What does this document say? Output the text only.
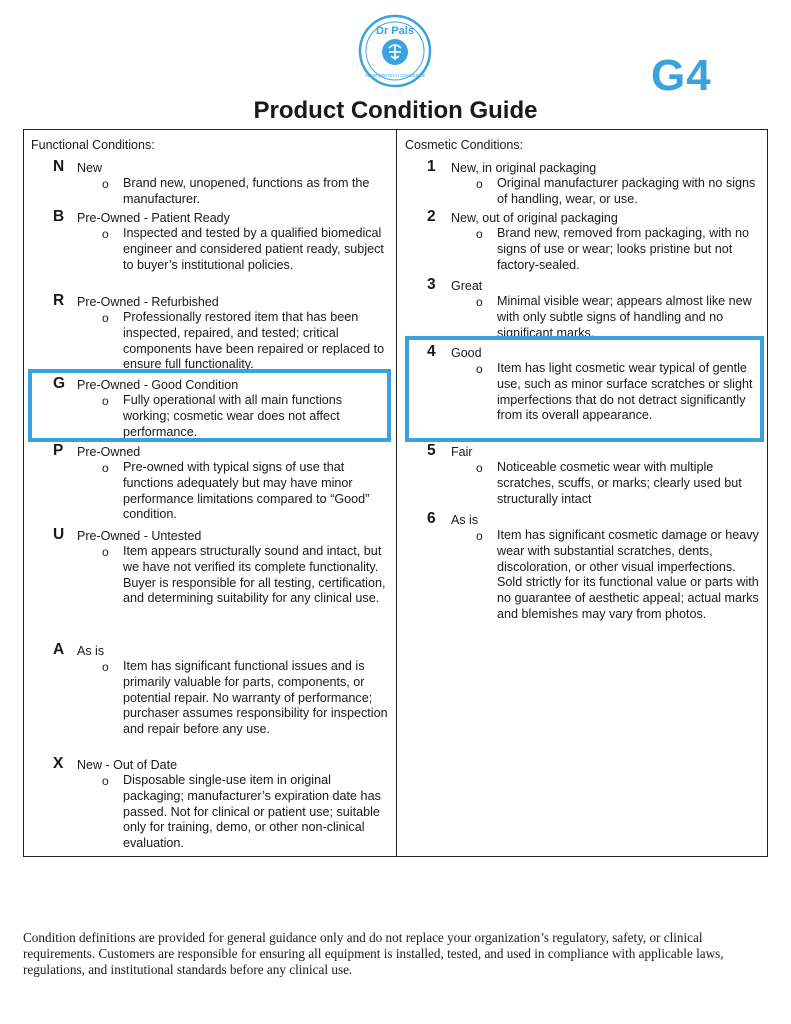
Dr Pals
YOUR MEDTECH CONCIERGE	G4
Product Condition Guide
Functional Conditions:
N New
o Brand new, unopened, functions as from the manufacturer.
B Pre-Owned - Patient Ready
o Inspected and tested by a qualified biomedical engineer and considered patient ready, subject to buyer’s institutional policies.
R Pre-Owned - Refurbished
o Professionally restored item that has been inspected, repaired, and tested; critical components have been repaired or replaced to ensure full functionality.
G Pre-Owned - Good Condition
o Fully operational with all main functions working; cosmetic wear does not affect performance.
P Pre-Owned
o Pre-owned with typical signs of use that functions adequately but may have minor performance limitations compared to “Good” condition.
U Pre-Owned - Untested
o Item appears structurally sound and intact, but we have not verified its complete functionality. Buyer is responsible for all testing, certification, and determining suitability for any clinical use.
A As is
o Item has significant functional issues and is primarily valuable for parts, components, or potential repair. No warranty of performance; purchaser assumes responsibility for inspection and repair before any use.
X New - Out of Date
o Disposable single-use item in original packaging; manufacturer’s expiration date has passed. Not for clinical or patient use; suitable only for training, demo, or other non-clinical evaluation.
Cosmetic Conditions:
1 New, in original packaging
o Original manufacturer packaging with no signs of handling, wear, or use.
2 New, out of original packaging
o Brand new, removed from packaging, with no signs of use or wear; looks pristine but not factory-sealed.
3 Great
o Minimal visible wear; appears almost like new with only subtle signs of handling and no significant marks.
4 Good
o Item has light cosmetic wear typical of gentle use, such as minor surface scratches or slight imperfections that do not detract significantly from its overall appearance.
5 Fair
o Noticeable cosmetic wear with multiple scratches, scuffs, or marks; clearly used but structurally intact
6 As is
o Item has significant cosmetic damage or heavy wear with substantial scratches, dents, discoloration, or other visual imperfections. Sold strictly for its functional value or parts with no guarantee of aesthetic appeal; actual marks and blemishes may vary from photos.
Condition definitions are provided for general guidance only and do not replace your organization’s regulatory, safety, or clinical requirements. Customers are responsible for ensuring all equipment is installed, tested, and used in compliance with applicable laws, regulations, and institutional standards before any clinical use.
